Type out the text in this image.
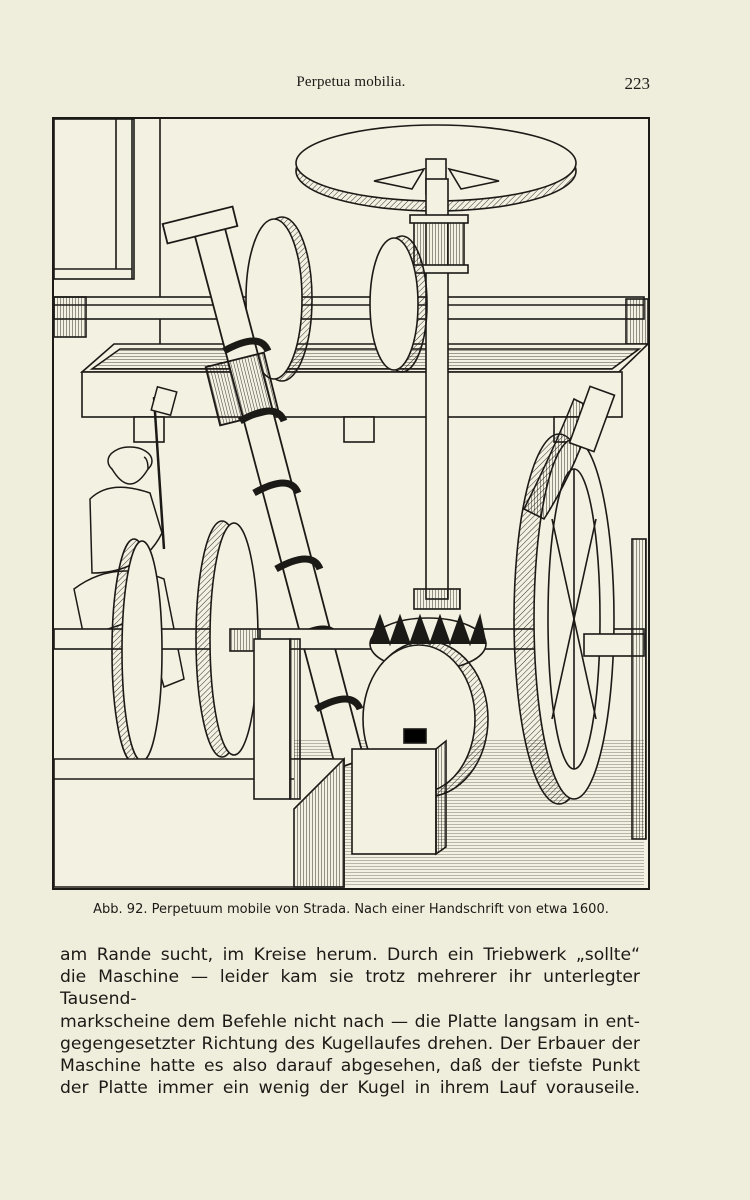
Perpetua mobilia.	223
Abb. 92. Perpetuum mobile von Strada. Nach einer Handschrift von etwa 1600.
am Rande sucht, im Kreise herum. Durch ein Triebwerk „sollte“
die Maschine — leider kam sie trotz mehrerer ihr unterlegter Tausend-
markscheine dem Befehle nicht nach — die Platte langsam in ent-
gegengesetzter Richtung des Kugellaufes drehen. Der Erbauer der
Maschine hatte es also darauf abgesehen, daß der tiefste Punkt
der Platte immer ein wenig der Kugel in ihrem Lauf vorauseile.
